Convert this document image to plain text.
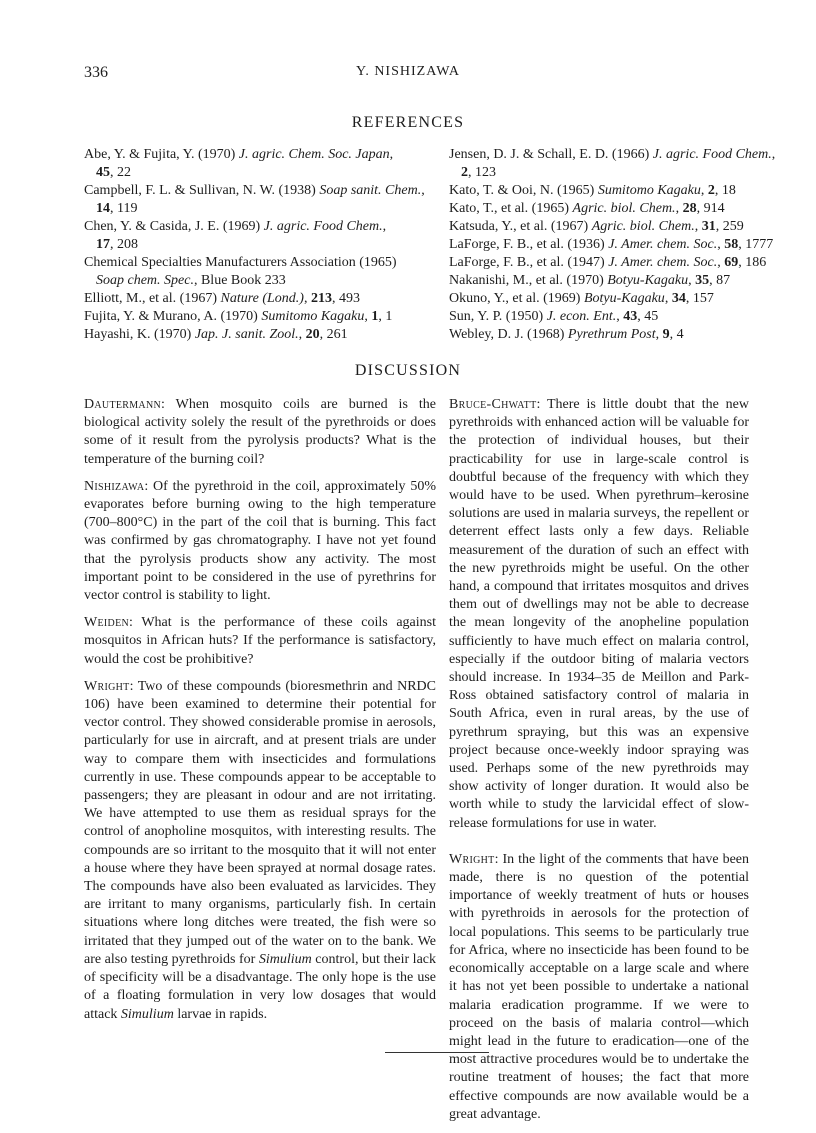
336	Y. NISHIZAWA
REFERENCES

Abe, Y. & Fujita, Y. (1970) J. agric. Chem. Soc. Japan,
45, 22

Campbell, F. L. & Sullivan, N. W. (1938) Soap sanit. Chem.,
14, 119

Chen, Y. & Casida, J. E. (1969) J. agric. Food Chem.,
17, 208

Chemical Specialties Manufacturers Association (1965)
Soap chem. Spec., Blue Book 233

Elliott, M., et al. (1967) Nature (Lond.), 213, 493

Fujita, Y. & Murano, A. (1970) Sumitomo Kagaku, 1, 1

Hayashi, K. (1970) Jap. J. sanit. Zool., 20, 261

Jensen, D. J. & Schall, E. D. (1966) J. agric. Food Chem.,
2, 123

Kato, T. & Ooi, N. (1965) Sumitomo Kagaku, 2, 18

Kato, T., et al. (1965) Agric. biol. Chem., 28, 914

Katsuda, Y., et al. (1967) Agric. biol. Chem., 31, 259

LaForge, F. B., et al. (1936) J. Amer. chem. Soc., 58, 1777

LaForge, F. B., et al. (1947) J. Amer. chem. Soc., 69, 186

Nakanishi, M., et al. (1970) Botyu-Kagaku, 35, 87

Okuno, Y., et al. (1969) Botyu-Kagaku, 34, 157

Sun, Y. P. (1950) J. econ. Ent., 43, 45

Webley, D. J. (1968) Pyrethrum Post, 9, 4

DISCUSSION

Dautermann: When mosquito coils are burned is the biological activity solely the result of the pyrethroids or does some of it result from the pyrolysis products? What is the temperature of the burning coil?

Nishizawa: Of the pyrethroid in the coil, approximately 50% evaporates before burning owing to the high temperature (700–800°C) in the part of the coil that is burning. This fact was confirmed by gas chromatography. I have not yet found that the pyrolysis products show any activity. The most important point to be considered in the use of pyrethrins for vector control is stability to light.

Weiden: What is the performance of these coils against mosquitos in African huts? If the performance is satisfactory, would the cost be prohibitive?

Wright: Two of these compounds (bioresmethrin and NRDC 106) have been examined to determine their potential for vector control. They showed considerable promise in aerosols, particularly for use in aircraft, and at present trials are under way to compare them with insecticides and formulations currently in use. These compounds appear to be acceptable to passengers; they are pleasant in odour and are not irritating. We have attempted to use them as residual sprays for the control of anopholine mosquitos, with interesting results. The compounds are so irritant to the mosquito that it will not enter a house where they have been sprayed at normal dosage rates. The compounds have also been evaluated as larvicides. They are irritant to many organisms, particularly fish. In certain situations where long ditches were treated, the fish were so irritated that they jumped out of the water on to the bank. We are also testing pyrethroids for Simulium control, but their lack of specificity will be a disadvantage. The only hope is the use of a floating formulation in very low dosages that would attack Simulium larvae in rapids.

Bruce-Chwatt: There is little doubt that the new pyrethroids with enhanced action will be valuable for the protection of individual houses, but their practicability for use in large-scale control is doubtful because of the frequency with which they would have to be used. When pyrethrum–kerosine solutions are used in malaria surveys, the repellent or deterrent effect lasts only a few days. Reliable measurement of the duration of such an effect with the new pyrethroids might be useful. On the other hand, a compound that irritates mosquitos and drives them out of dwellings may not be able to decrease the mean longevity of the anopheline population sufficiently to have much effect on malaria control, especially if the outdoor biting of malaria vectors should increase. In 1934–35 de Meillon and Park-Ross obtained satisfactory control of malaria in South Africa, even in rural areas, by the use of pyrethrum spraying, but this was an expensive project because once-weekly indoor spraying was used. Perhaps some of the new pyrethroids may show activity of longer duration. It would also be worth while to study the larvicidal effect of slow-release formulations for use in water.

Wright: In the light of the comments that have been made, there is no question of the potential importance of weekly treatment of huts or houses with pyrethroids in aerosols for the protection of local populations. This seems to be particularly true for Africa, where no insecticide has been found to be economically acceptable on a large scale and where it has not yet been possible to undertake a national malaria eradication programme. If we were to proceed on the basis of malaria control—which might lead in the future to eradication—one of the most attractive procedures would be to undertake the routine treatment of houses; the fact that more effective compounds are now available would be a great advantage.
